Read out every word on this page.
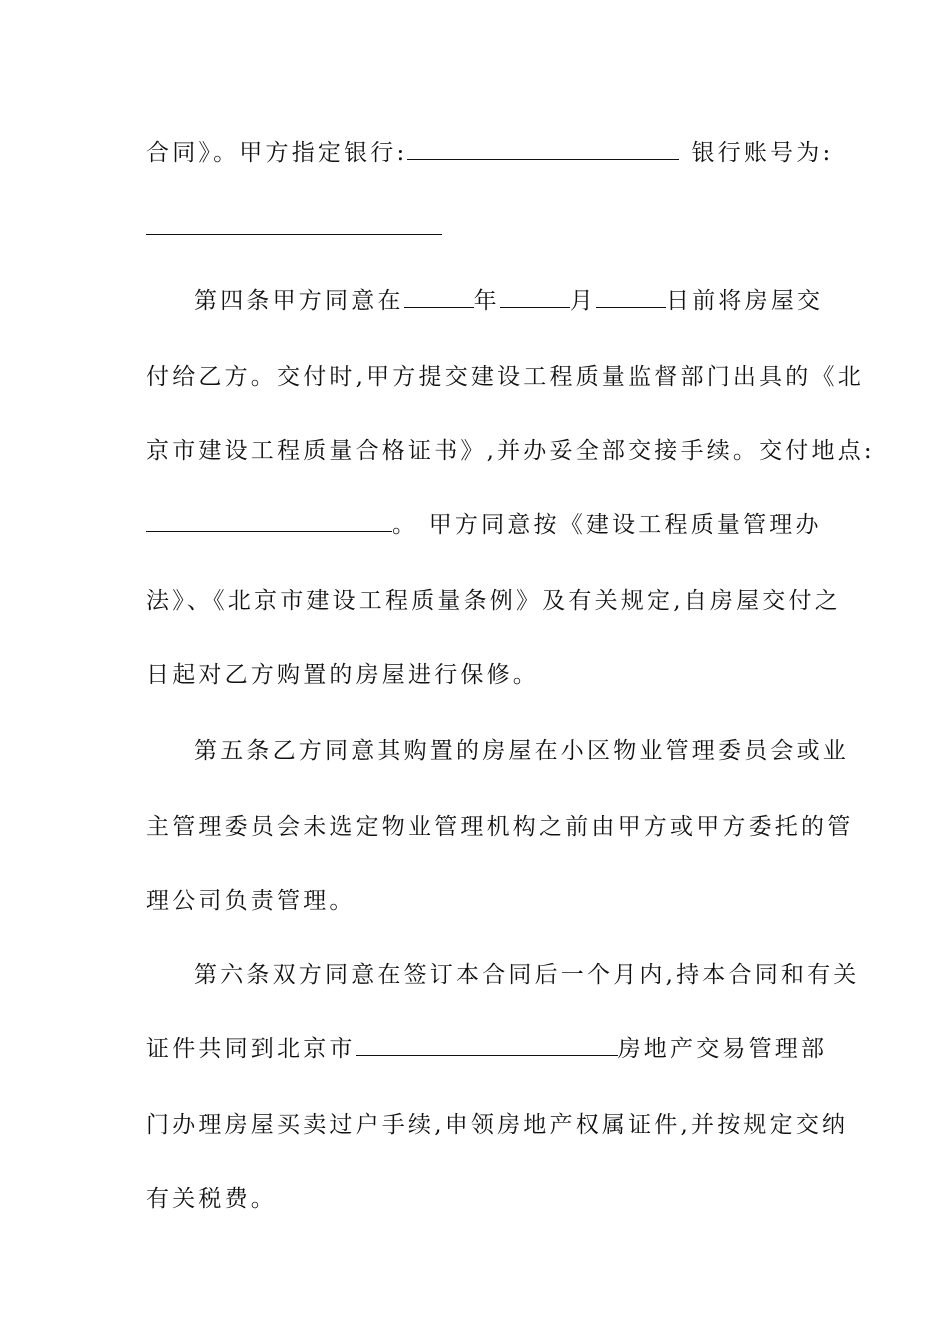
合同》。甲方指定银行:	银行账号为:
第四条甲方同意在	年	月	日前将房屋交
付给乙方。交付时,甲方提交建设工程质量监督部门出具的《北
京市建设工程质量合格证书》,并办妥全部交接手续。交付地点:
。 甲方同意按《建设工程质量管理办
法》、《北京市建设工程质量条例》及有关规定,自房屋交付之
日起对乙方购置的房屋进行保修。
第五条乙方同意其购置的房屋在小区物业管理委员会或业
主管理委员会未选定物业管理机构之前由甲方或甲方委托的管
理公司负责管理。
第六条双方同意在签订本合同后一个月内,持本合同和有关
证件共同到北京市	房地产交易管理部
门办理房屋买卖过户手续,申领房地产权属证件,并按规定交纳
有关税费。
